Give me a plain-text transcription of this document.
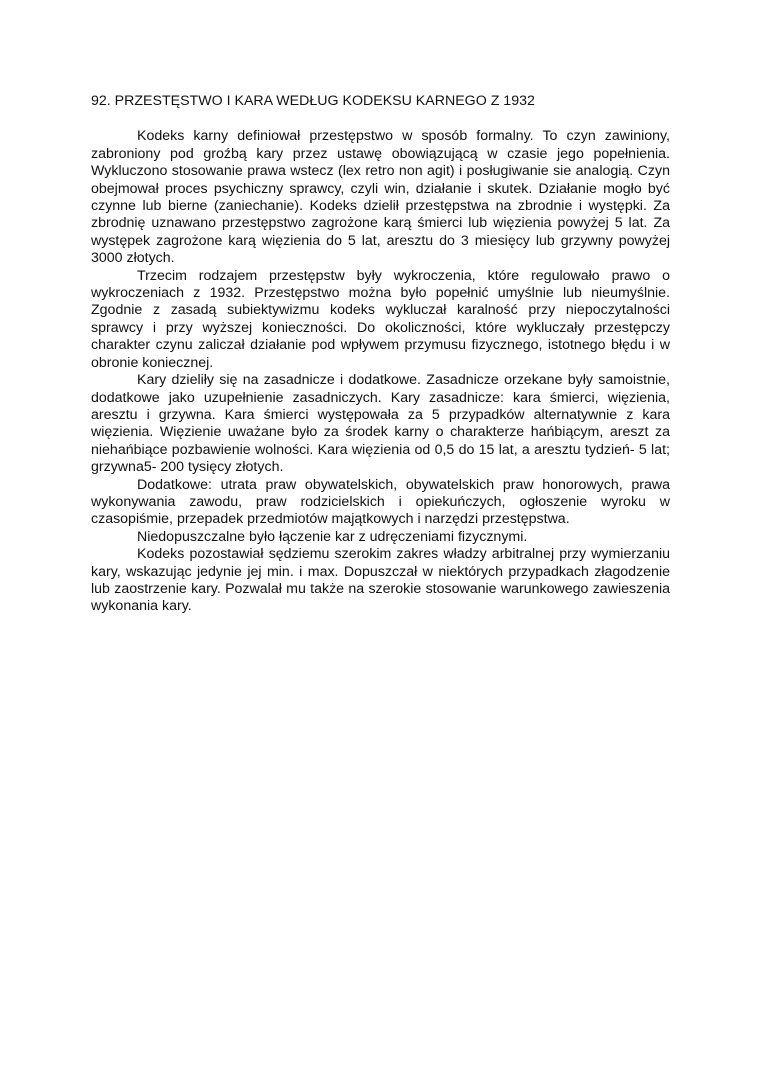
92. PRZESTĘSTWO I KARA WEDŁUG KODEKSU KARNEGO Z 1932

Kodeks karny definiował przestępstwo w sposób formalny. To czyn zawiniony, zabroniony pod groźbą kary przez ustawę obowiązującą w czasie jego popełnienia. Wykluczono stosowanie prawa wstecz (lex retro non agit) i posługiwanie sie analogią. Czyn obejmował proces psychiczny sprawcy, czyli win, działanie i skutek. Działanie mogło być czynne lub bierne (zaniechanie). Kodeks dzielił przestępstwa na zbrodnie i występki. Za zbrodnię uznawano przestępstwo zagrożone karą śmierci lub więzienia powyżej 5 lat. Za występek zagrożone karą więzienia do 5 lat, aresztu do 3 miesięcy lub grzywny powyżej 3000 złotych.

Trzecim rodzajem przestępstw były wykroczenia, które regulowało prawo o wykroczeniach z 1932. Przestępstwo można było popełnić umyślnie lub nieumyślnie. Zgodnie z zasadą subiektywizmu kodeks wykluczał karalność przy niepoczytalności sprawcy i przy wyższej konieczności. Do okoliczności, które wykluczały przestępczy charakter czynu zaliczał działanie pod wpływem przymusu fizycznego, istotnego błędu i w obronie koniecznej.

Kary dzieliły się na zasadnicze i dodatkowe. Zasadnicze orzekane były samoistnie, dodatkowe jako uzupełnienie zasadniczych. Kary zasadnicze: kara śmierci, więzienia, aresztu i grzywna. Kara śmierci występowała za 5 przypadków alternatywnie z kara więzienia. Więzienie uważane było za środek karny o charakterze hańbiącym, areszt za niehańbiące pozbawienie wolności. Kara więzienia od 0,5 do 15 lat, a aresztu tydzień- 5 lat; grzywna5- 200 tysięcy złotych.

Dodatkowe: utrata praw obywatelskich, obywatelskich praw honorowych, prawa wykonywania zawodu, praw rodzicielskich i opiekuńczych, ogłoszenie wyroku w czasopiśmie, przepadek przedmiotów majątkowych i narzędzi przestępstwa.

Niedopuszczalne było łączenie kar z udręczeniami fizycznymi.

Kodeks pozostawiał sędziemu szerokim zakres władzy arbitralnej przy wymierzaniu kary, wskazując jedynie jej min. i max. Dopuszczał w niektórych przypadkach złagodzenie lub zaostrzenie kary. Pozwalał mu także na szerokie stosowanie warunkowego zawieszenia wykonania kary.
